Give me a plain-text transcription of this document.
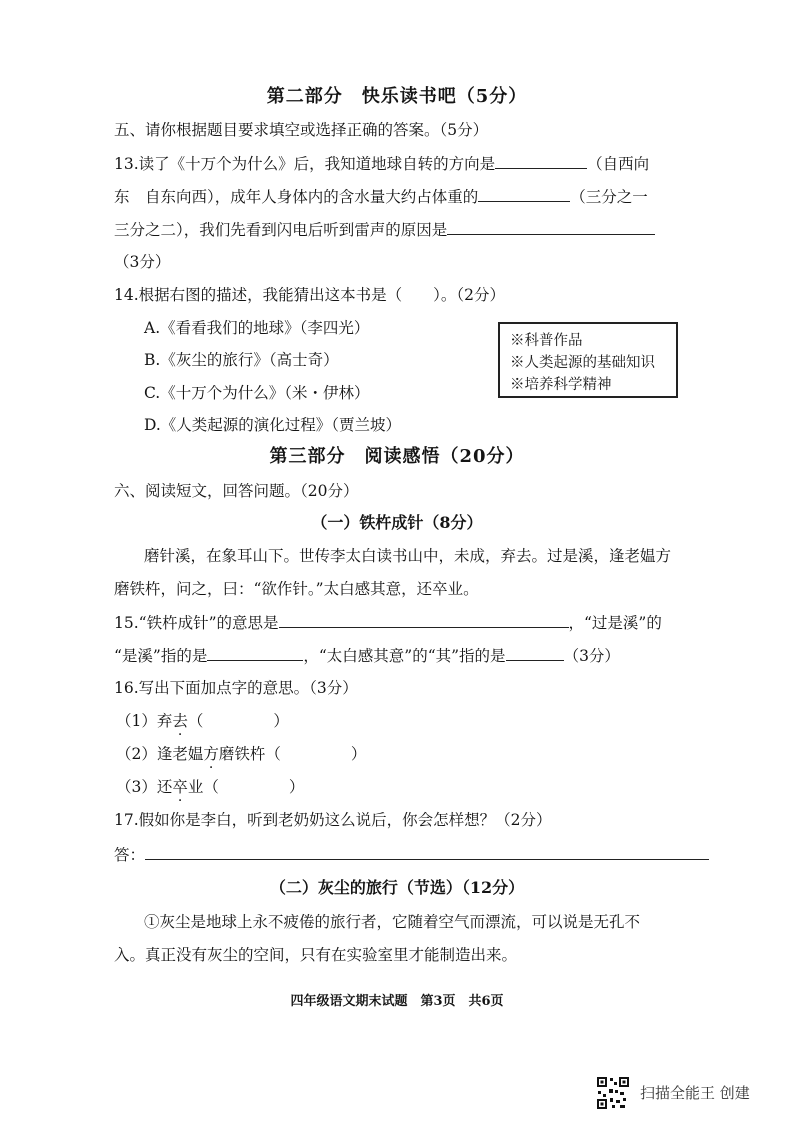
第二部分　快乐读书吧（5分）
五、请你根据题目要求填空或选择正确的答案。（5分）
13.读了《十万个为什么》后，我知道地球自转的方向是	（自西向
东　自东向西），成年人身体内的含水量大约占体重的	（三分之一
三分之二），我们先看到闪电后听到雷声的原因是
（3分）
14.根据右图的描述，我能猜出这本书是（　　）。（2分）
A.《看看我们的地球》（李四光）
B.《灰尘的旅行》（高士奇）
C.《十万个为什么》（米・伊林）
D.《人类起源的演化过程》（贾兰坡）
※科普作品
※人类起源的基础知识
※培养科学精神
第三部分　阅读感悟（20分）
六、阅读短文，回答问题。（20分）
（一）铁杵成针（8分）
磨针溪，在象耳山下。世传李太白读书山中，未成，弃去。过是溪，逢老媪方
磨铁杵，问之，曰：“欲作针。”太白感其意，还卒业。
15.“铁杵成针”的意思是	，“过是溪”的
“是溪”指的是	，“太白感其意”的“其”指的是	（3分）
16.写出下面加点字的意思。（3分）
（1）弃去（	）
（2）逢老媪方磨铁杵（	）
（3）还卒业（	）
17.假如你是李白，听到老奶奶这么说后，你会怎样想？（2分）
答：
（二）灰尘的旅行（节选）（12分）
①灰尘是地球上永不疲倦的旅行者，它随着空气而漂流，可以说是无孔不
入。真正没有灰尘的空间，只有在实验室里才能制造出来。
四年级语文期末试题　第3页　共6页
扫描全能王 创建
